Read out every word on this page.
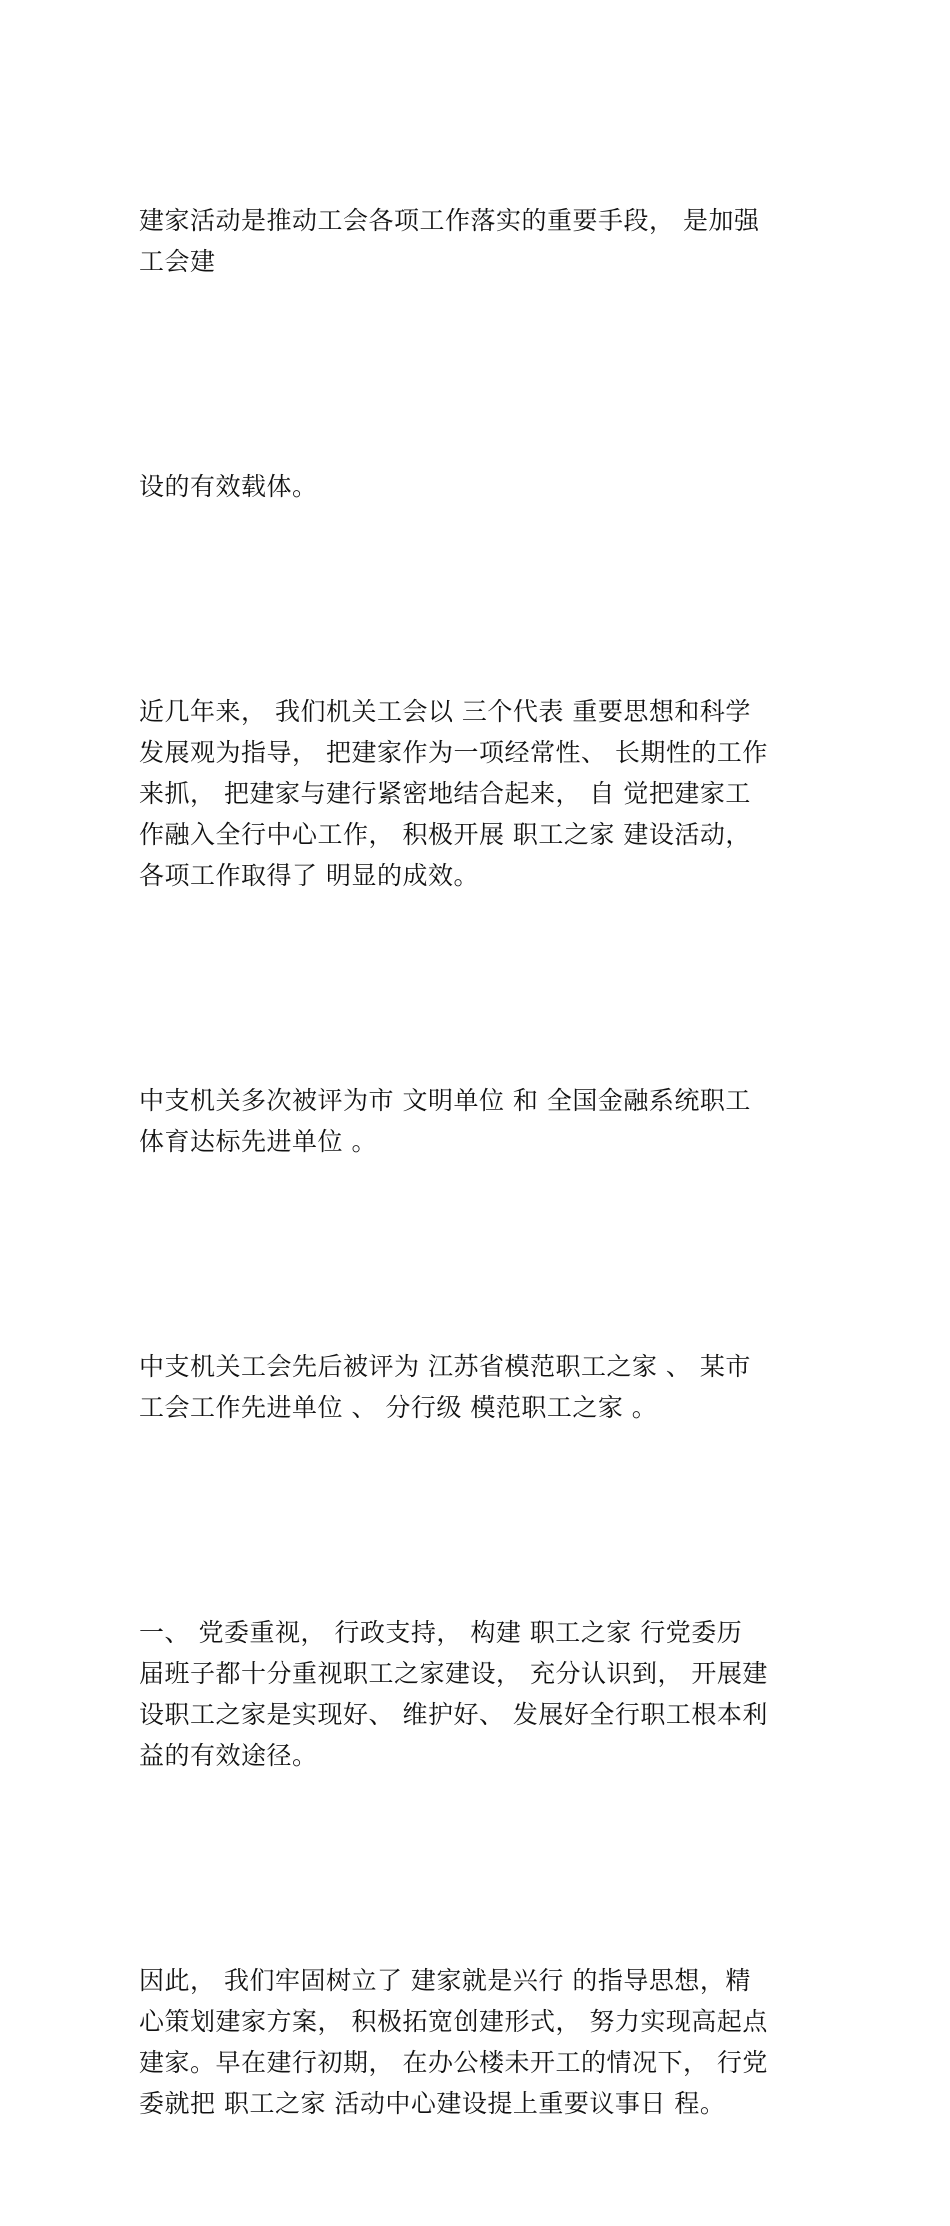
建家活动是推动工会各项工作落实的重要手段， 是加强
工会建

设的有效载体。

近几年来， 我们机关工会以 三个代表 重要思想和科学
发展观为指导， 把建家作为一项经常性、 长期性的工作
来抓， 把建家与建行紧密地结合起来， 自 觉把建家工
作融入全行中心工作， 积极开展 职工之家 建设活动，
各项工作取得了 明显的成效。

中支机关多次被评为市 文明单位 和 全国金融系统职工
体育达标先进单位 。

中支机关工会先后被评为 江苏省模范职工之家 、 某市
工会工作先进单位 、 分行级 模范职工之家 。

一、 党委重视， 行政支持， 构建 职工之家 行党委历
届班子都十分重视职工之家建设， 充分认识到， 开展建
设职工之家是实现好、 维护好、 发展好全行职工根本利
益的有效途径。

因此， 我们牢固树立了 建家就是兴行 的指导思想，精
心策划建家方案， 积极拓宽创建形式， 努力实现高起点
建家。早在建行初期， 在办公楼未开工的情况下， 行党
委就把 职工之家 活动中心建设提上重要议事日 程。
